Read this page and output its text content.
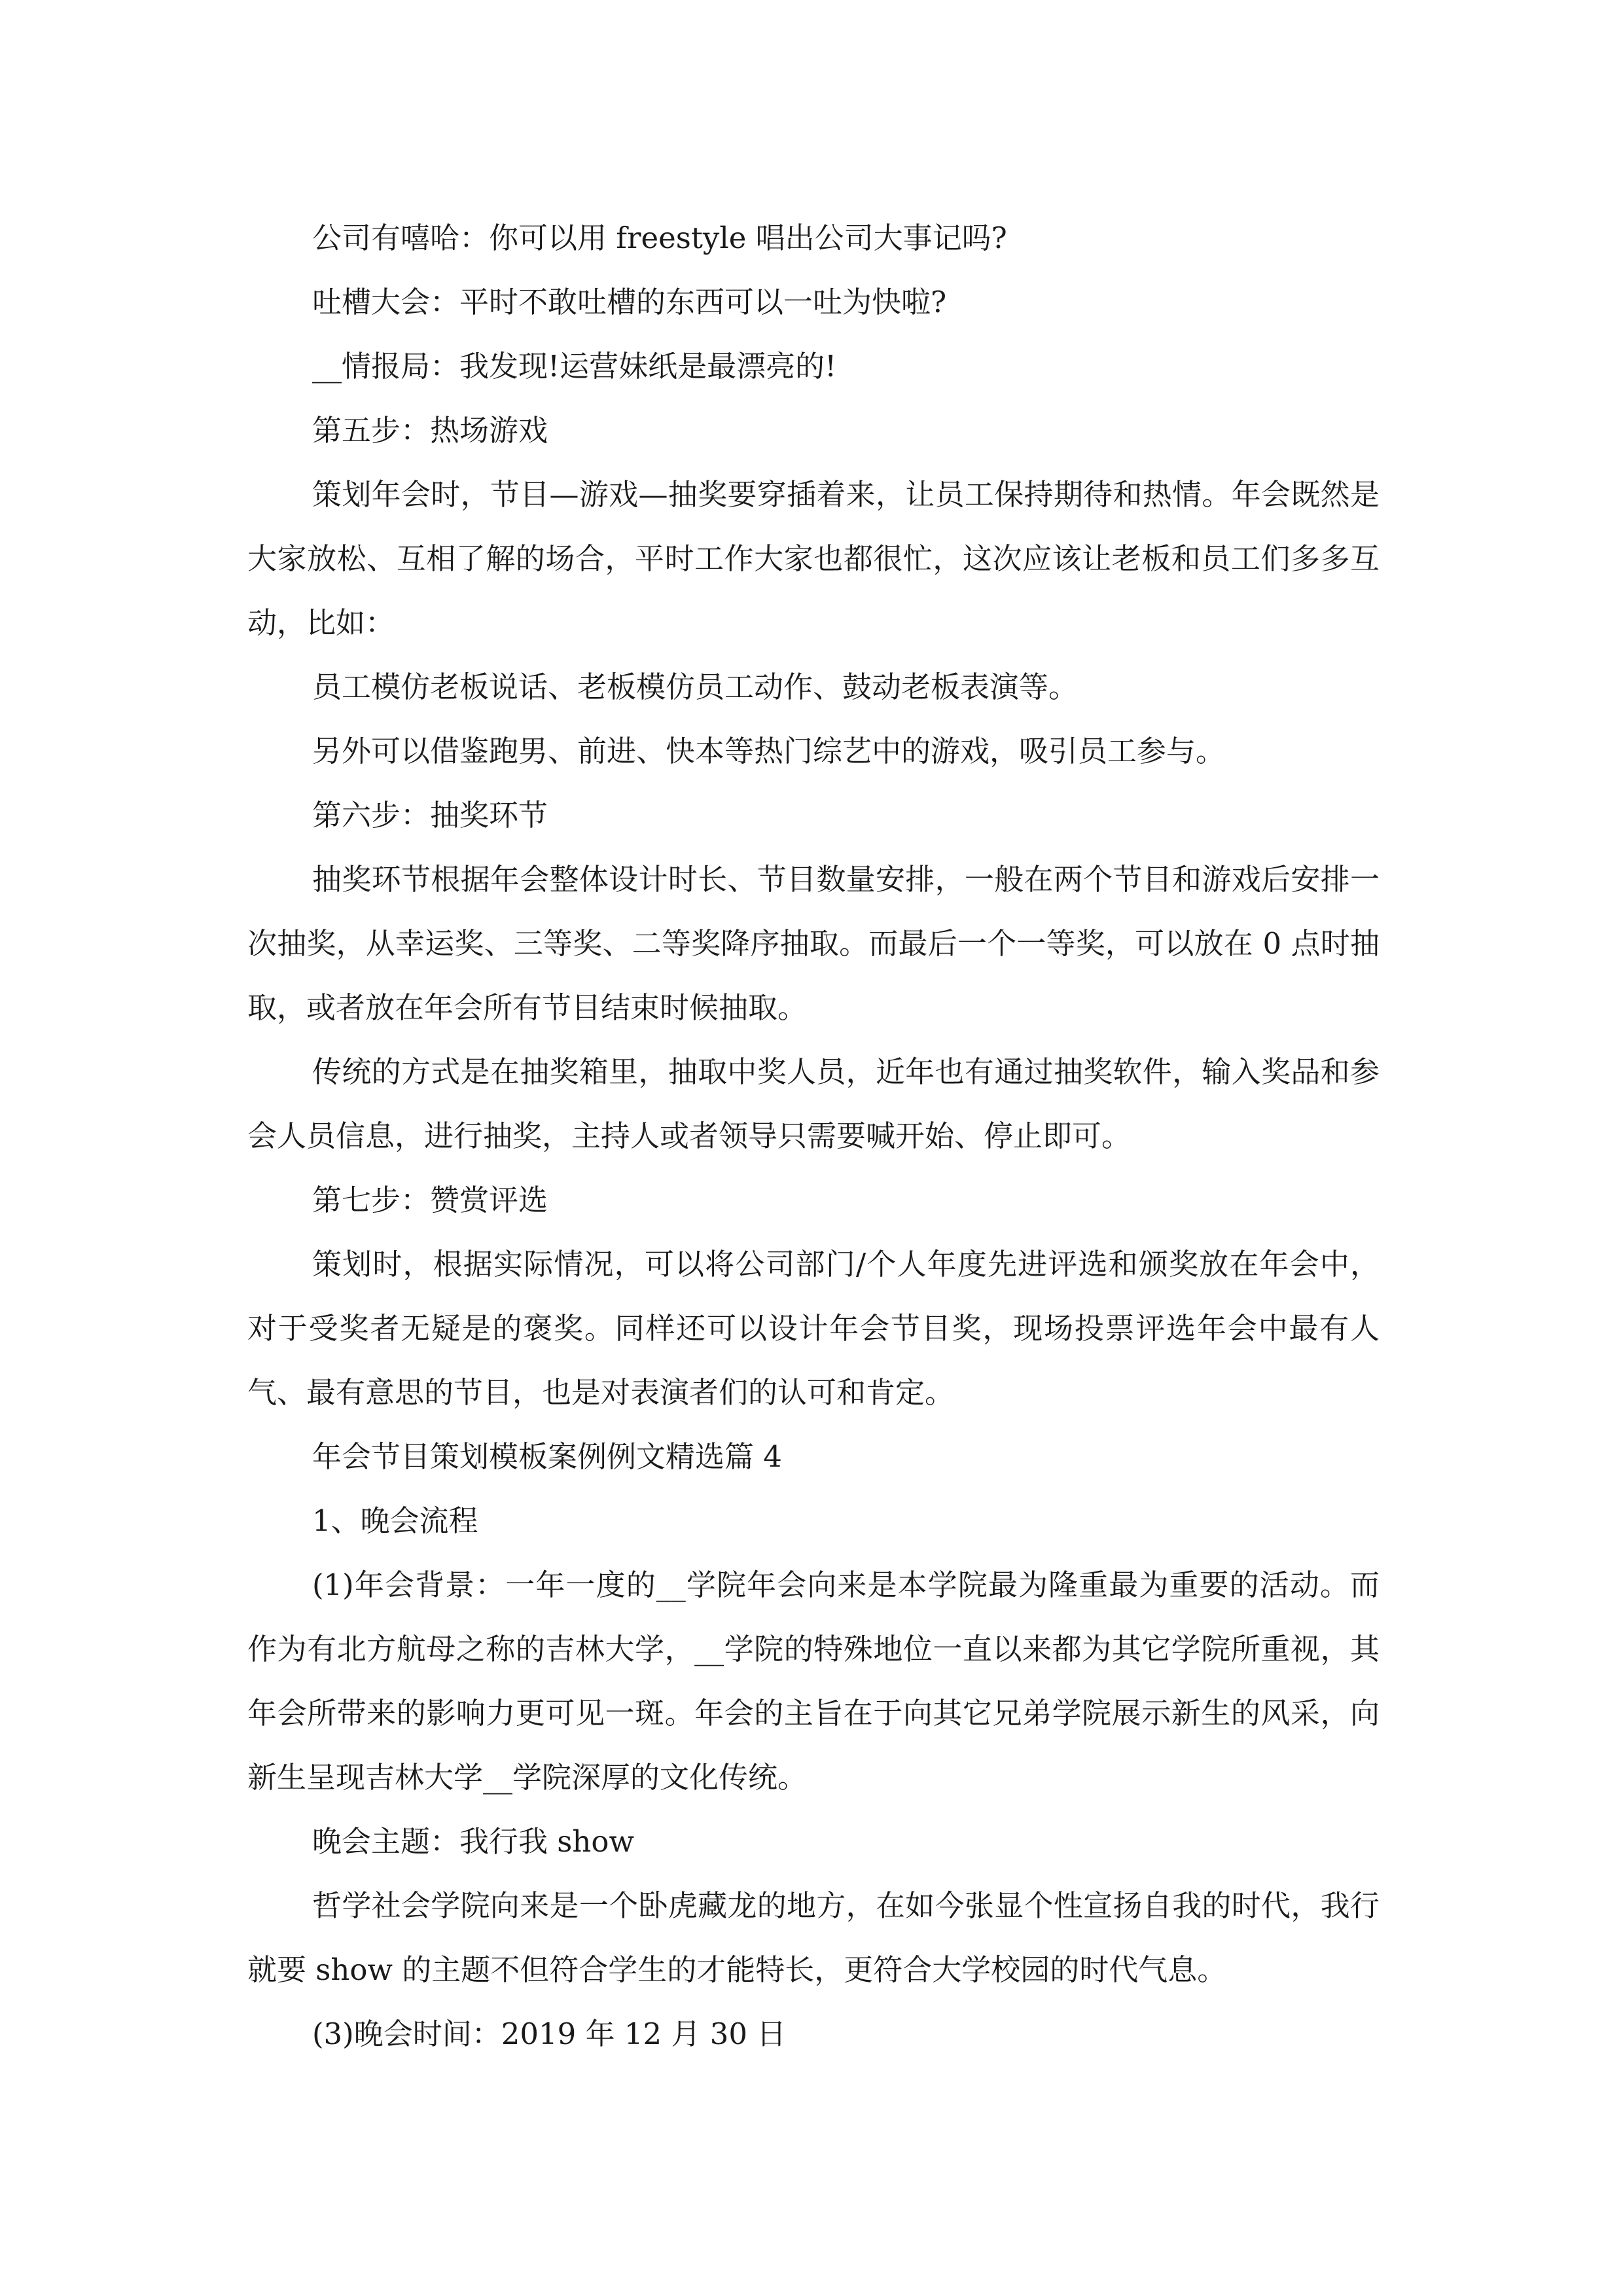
公司有嘻哈：你可以用 freestyle 唱出公司大事记吗?

吐槽大会：平时不敢吐槽的东西可以一吐为快啦?

__情报局：我发现!运营妹纸是最漂亮的!

第五步：热场游戏

策划年会时，节目—游戏—抽奖要穿插着来，让员工保持期待和热情。年会既然是大家放松、互相了解的场合，平时工作大家也都很忙，这次应该让老板和员工们多多互动，比如：

员工模仿老板说话、老板模仿员工动作、鼓动老板表演等。

另外可以借鉴跑男、前进、快本等热门综艺中的游戏，吸引员工参与。

第六步：抽奖环节

抽奖环节根据年会整体设计时长、节目数量安排，一般在两个节目和游戏后安排一次抽奖，从幸运奖、三等奖、二等奖降序抽取。而最后一个一等奖，可以放在 0 点时抽取，或者放在年会所有节目结束时候抽取。

传统的方式是在抽奖箱里，抽取中奖人员，近年也有通过抽奖软件，输入奖品和参会人员信息，进行抽奖，主持人或者领导只需要喊开始、停止即可。

第七步：赞赏评选

策划时，根据实际情况，可以将公司部门/个人年度先进评选和颁奖放在年会中，对于受奖者无疑是的褒奖。同样还可以设计年会节目奖，现场投票评选年会中最有人气、最有意思的节目，也是对表演者们的认可和肯定。

年会节目策划模板案例例文精选篇 4

1、晚会流程

(1)年会背景：一年一度的__学院年会向来是本学院最为隆重最为重要的活动。而作为有北方航母之称的吉林大学，__学院的特殊地位一直以来都为其它学院所重视，其年会所带来的影响力更可见一斑。年会的主旨在于向其它兄弟学院展示新生的风采，向新生呈现吉林大学__学院深厚的文化传统。

晚会主题：我行我 show

哲学社会学院向来是一个卧虎藏龙的地方，在如今张显个性宣扬自我的时代，我行就要 show 的主题不但符合学生的才能特长，更符合大学校园的时代气息。

(3)晚会时间：2019 年 12 月 30 日
